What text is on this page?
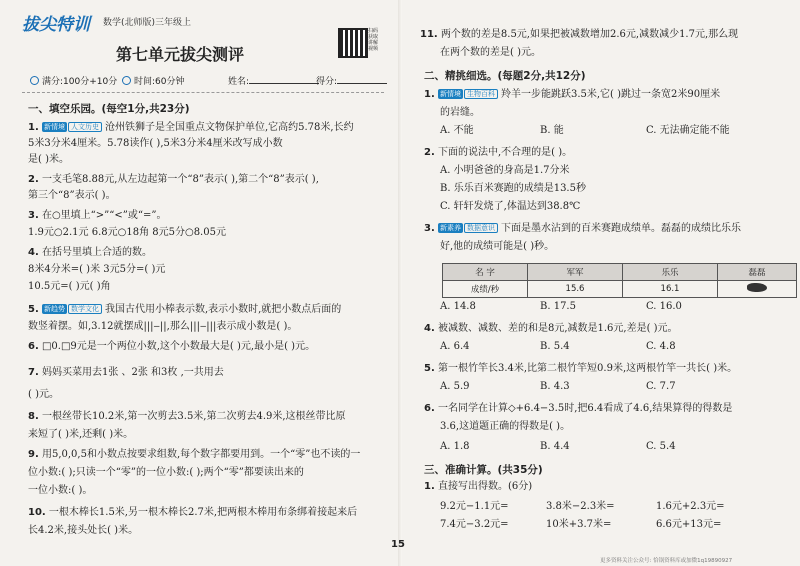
拔尖特训 数学(北师版)三年级上
第七单元拔尖测评
扫码获取讲解视频
满分:100分+10分	时间:60分钟	姓名:	得分:
一、填空乐园。(每空1分,共23分)
1. 新情境 人文历史 沧州铁狮子是全国重点文物保护单位,它高约5.78米,长约
5米3分米4厘米。5.78读作( ),5米3分米4厘米改写成小数
是( )米。
2. 一支毛笔8.88元,从左边起第一个“8”表示( ),第二个“8”表示( ),
第三个“8”表示( )。
3. 在○里填上“>”“<”或“=”。
1.9元○2.1元 6.8元○18角 8元5分○8.05元
4. 在括号里填上合适的数。
8米4分米=( )米 3元5分=( )元
10.5元=( )元( )角
5. 新趋势 数学文化 我国古代用小棒表示数,表示小数时,就把小数点后面的
数竖着摆。如,3.12就摆成|||‒||,那么|||‒|||表示成小数是( )。
6. □0.□9元是一个两位小数,这个小数最大是( )元,最小是( )元。
7. 妈妈买菜用去1张 、2张 和3枚 ,一共用去
( )元。
8. 一根丝带长10.2米,第一次剪去3.5米,第二次剪去4.9米,这根丝带比原
来短了( )米,还剩( )米。
9. 用5,0,0,5和小数点按要求组数,每个数字都要用到。一个“零”也不读的一
位小数:( );只读一个“零”的一位小数:( );两个“零”都要读出来的
一位小数:( )。
10. 一根木棒长1.5米,另一根木棒长2.7米,把两根木棒用布条绑着接起来后
长4.2米,接头处长( )米。
15
11. 两个数的差是8.5元,如果把被减数增加2.6元,减数减少1.7元,那么现
在两个数的差是( )元。
二、精挑细选。(每题2分,共12分)
1. 新情境 生物百科 羚羊一步能跳跃3.5米,它( )跳过一条宽2米90厘米
的岩缝。
A. 不能	B. 能	C. 无法确定能不能
2. 下面的说法中,不合理的是( )。
A. 小明爸爸的身高是1.7分米
B. 乐乐百米赛跑的成绩是13.5秒
C. 轩轩发烧了,体温达到38.8℃
3. 新素养 数据意识 下面是墨水沾到的百米赛跑成绩单。磊磊的成绩比乐乐
好,他的成绩可能是( )秒。
名 字	军军	乐乐	磊磊
成绩/秒	15.6	16.1	
A. 14.8	B. 17.5	C. 16.0
4. 被减数、减数、差的和是8元,减数是1.6元,差是( )元。
A. 6.4	B. 5.4	C. 4.8
5. 第一根竹竿长3.4米,比第二根竹竿短0.9米,这两根竹竿一共长( )米。
A. 5.9	B. 4.3	C. 7.7
6. 一名同学在计算◇+6.4−3.5时,把6.4看成了4.6,结果算得的得数是
3.6,这道题正确的得数是( )。
A. 1.8	B. 4.4	C. 5.4
三、准确计算。(共35分)
1. 直接写出得数。(6分)
9.2元−1.1元=	3.8米−2.3米=	1.6元+2.3元=
7.4元−3.2元=	10米+3.7米=	6.6元+13元=
更多资料关注公众号: 恰锅资料库或加微1q19890927
